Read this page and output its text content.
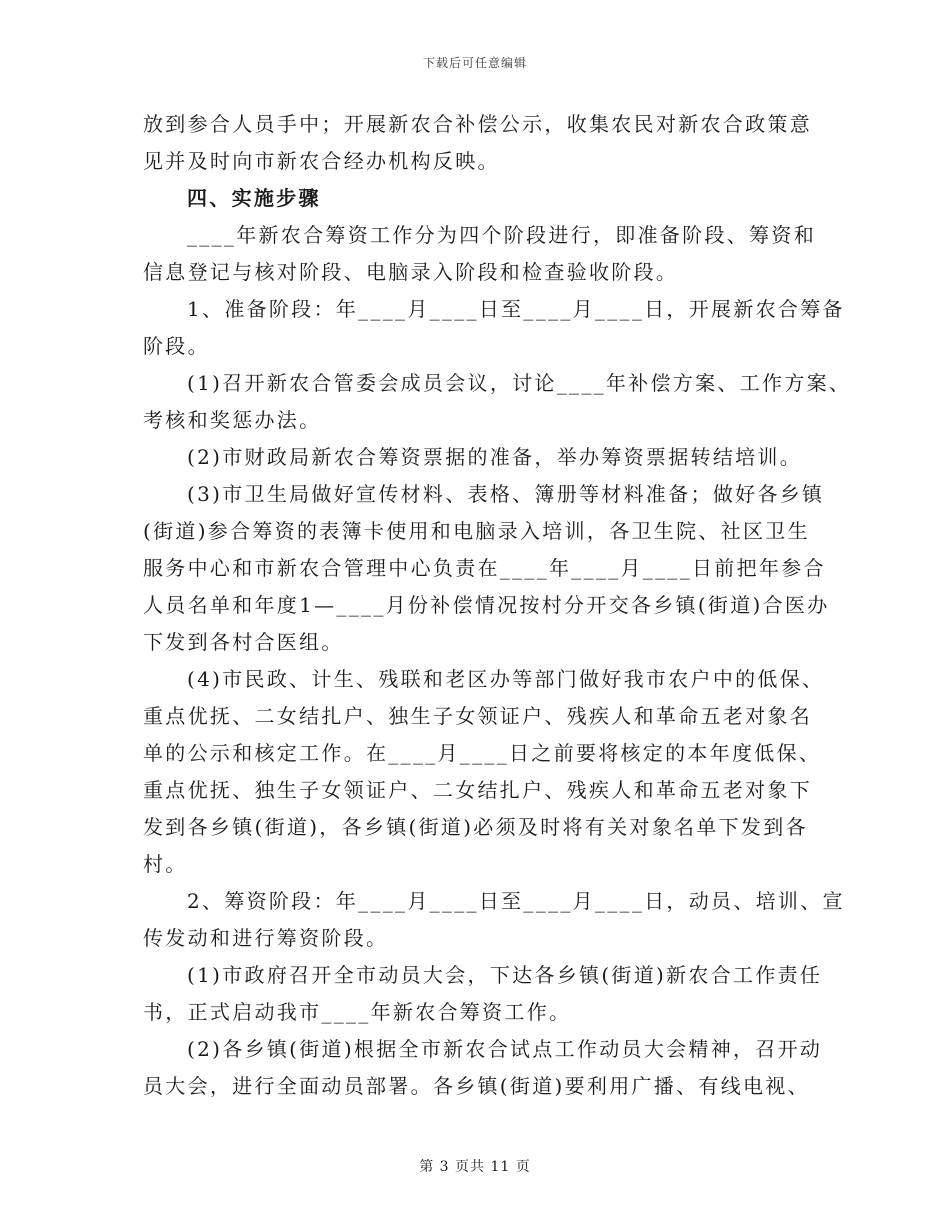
下载后可任意编辑
放到参合人员手中；开展新农合补偿公示，收集农民对新农合政策意
见并及时向市新农合经办机构反映。
四、实施步骤
____年新农合筹资工作分为四个阶段进行，即准备阶段、筹资和
信息登记与核对阶段、电脑录入阶段和检查验收阶段。
1、准备阶段：年____月____日至____月____日，开展新农合筹备
阶段。
(1)召开新农合管委会成员会议，讨论____年补偿方案、工作方案、
考核和奖惩办法。
(2)市财政局新农合筹资票据的准备，举办筹资票据转结培训。
(3)市卫生局做好宣传材料、表格、簿册等材料准备；做好各乡镇
(街道)参合筹资的表簿卡使用和电脑录入培训，各卫生院、社区卫生
服务中心和市新农合管理中心负责在____年____月____日前把年参合
人员名单和年度1—____月份补偿情况按村分开交各乡镇(街道)合医办
下发到各村合医组。
(4)市民政、计生、残联和老区办等部门做好我市农户中的低保、
重点优抚、二女结扎户、独生子女领证户、残疾人和革命五老对象名
单的公示和核定工作。在____月____日之前要将核定的本年度低保、
重点优抚、独生子女领证户、二女结扎户、残疾人和革命五老对象下
发到各乡镇(街道)，各乡镇(街道)必须及时将有关对象名单下发到各
村。
2、筹资阶段：年____月____日至____月____日，动员、培训、宣
传发动和进行筹资阶段。
(1)市政府召开全市动员大会，下达各乡镇(街道)新农合工作责任
书，正式启动我市____年新农合筹资工作。
(2)各乡镇(街道)根据全市新农合试点工作动员大会精神，召开动
员大会，进行全面动员部署。各乡镇(街道)要利用广播、有线电视、
第 3 页共 11 页
